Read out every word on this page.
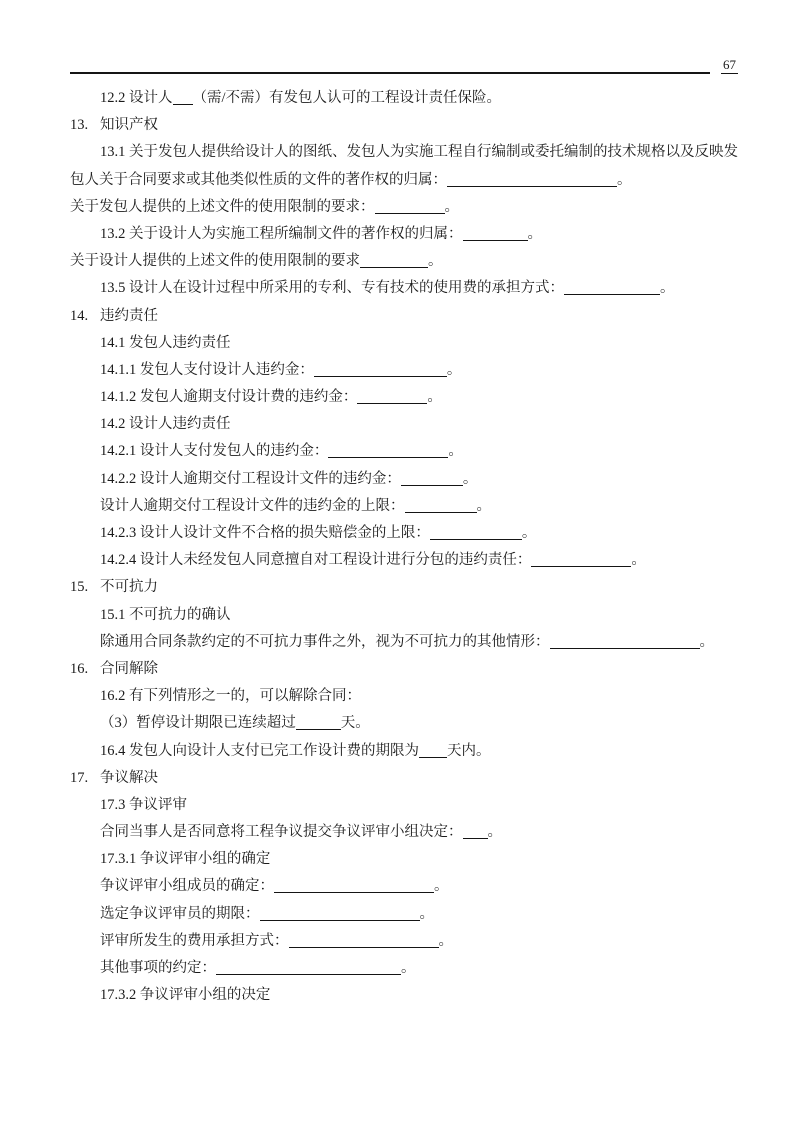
67
12.2 设计人 （需/不需）有发包人认可的工程设计责任保险。
13. 知识产权
13.1 关于发包人提供给设计人的图纸、发包人为实施工程自行编制或委托编制的技术规格以及反映发
包人关于合同要求或其他类似性质的文件的著作权的归属：	。
关于发包人提供的上述文件的使用限制的要求：	。
13.2 关于设计人为实施工程所编制文件的著作权的归属：	。
关于设计人提供的上述文件的使用限制的要求	。
13.5 设计人在设计过程中所采用的专利、专有技术的使用费的承担方式：	。
14. 违约责任
14.1 发包人违约责任
14.1.1 发包人支付设计人违约金：	。
14.1.2 发包人逾期支付设计费的违约金：	。
14.2 设计人违约责任
14.2.1 设计人支付发包人的违约金：	。
14.2.2 设计人逾期交付工程设计文件的违约金：	。
设计人逾期交付工程设计文件的违约金的上限：	。
14.2.3 设计人设计文件不合格的损失赔偿金的上限：	。
14.2.4 设计人未经发包人同意擅自对工程设计进行分包的违约责任：	。
15. 不可抗力
15.1 不可抗力的确认
除通用合同条款约定的不可抗力事件之外，视为不可抗力的其他情形：	。
16. 合同解除
16.2 有下列情形之一的，可以解除合同：
（3）暂停设计期限已连续超过	天。
16.4 发包人向设计人支付已完工作设计费的期限为 天内。
17. 争议解决
17.3 争议评审
合同当事人是否同意将工程争议提交争议评审小组决定： 。
17.3.1 争议评审小组的确定
争议评审小组成员的确定：	。
选定争议评审员的期限：	。
评审所发生的费用承担方式：	。
其他事项的约定：	。
17.3.2 争议评审小组的决定
